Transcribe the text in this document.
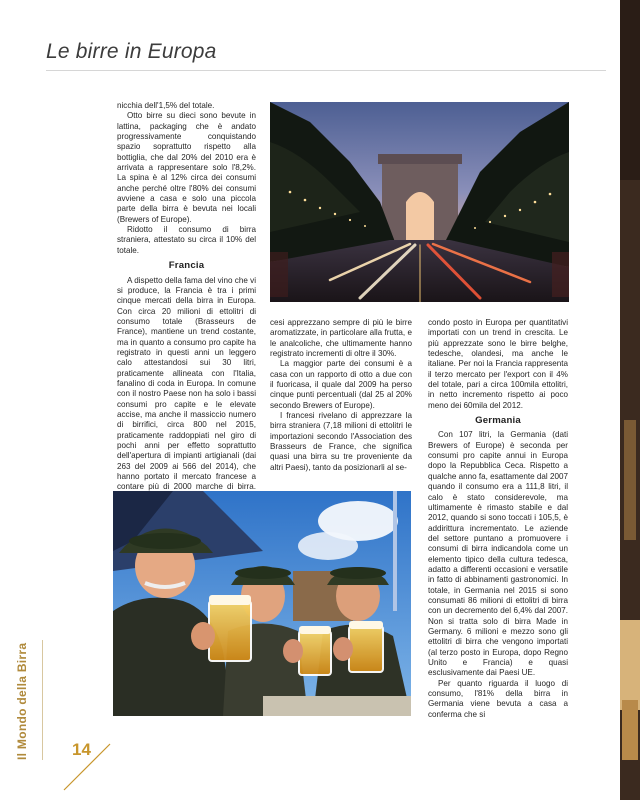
Le birre in Europa

nicchia dell'1,5% del totale.

Otto birre su dieci sono bevute in lattina, packaging che è andato progressivamente conquistando spazio soprattutto rispetto alla bottiglia, che dal 20% del 2010 era è arrivata a rappresentare solo l'8,2%. La spina è al 12% circa dei consumi anche perché oltre l'80% dei consumi avviene a casa e solo una piccola parte della birra è bevuta nei locali (Brewers of Europe).

Ridotto il consumo di birra straniera, attestato su circa il 10% del totale.

Francia

A dispetto della fama del vino che vi si produce, la Francia è tra i primi cinque mercati della birra in Europa. Con circa 20 milioni di ettolitri di consumo totale (Brasseurs de France), mantiene un trend costante, ma in quanto a consumo pro capite ha registrato in questi anni un leggero calo attestandosi sui 30 litri, praticamente allineata con l'Italia, fanalino di coda in Europa. In comune con il nostro Paese non ha solo i bassi consumi pro capite e le elevate accise, ma anche il massiccio numero di birrifici, circa 800 nel 2015, praticamente raddoppiati nel giro di pochi anni per effetto soprattutto dell'apertura di impianti artigianali (dai 263 del 2009 ai 566 del 2014), che hanno portato il mercato francese a contare più di 2000 marche di birra.

cesi apprezzano sempre di più le birre aromatizzate, in particolare alla frutta, e le analcoliche, che ultimamente hanno registrato incrementi di oltre il 30%.

La maggior parte dei consumi è a casa con un rapporto di otto a due con il fuoricasa, il quale dal 2009 ha perso cinque punti percentuali (dal 25 al 20% secondo Brewers of Europe).

I francesi rivelano di apprezzare la birra straniera (7,18 milioni di ettolitri le importazioni secondo l'Association des Brasseurs de France, che significa quasi una birra su tre proveniente da altri Paesi), tanto da posizionarli al se-

condo posto in Europa per quantitativi importati con un trend in crescita. Le più apprezzate sono le birre belghe, tedesche, olandesi, ma anche le italiane. Per noi la Francia rappresenta il terzo mercato per l'export con il 4% del totale, pari a circa 100mila ettolitri, in netto incremento rispetto ai poco meno dei 60mila del 2012.

Germania

Con 107 litri, la Germania (dati Brewers of Europe) è seconda per consumi pro capite annui in Europa dopo la Repubblica Ceca. Rispetto a qualche anno fa, esattamente dal 2007 quando il consumo era a 111,8 litri, il calo è stato considerevole, ma ultimamente è rimasto stabile e dal 2012, quando si sono toccati i 105,5, è addirittura incrementato. Le aziende del settore puntano a promuovere i consumi di birra indicandola come un elemento tipico della cultura tedesca, adatto a differenti occasioni e versatile in fatto di abbinamenti gastronomici. In totale, in Germania nel 2015 si sono consumati 86 milioni di ettolitri di birra con un decremento del 6,4% dal 2007. Non si tratta solo di birra Made in Germany. 6 milioni e mezzo sono gli ettolitri di birra che vengono importati (al terzo posto in Europa, dopo Regno Unito e Francia) e quasi esclusivamente dai Paesi UE.

Per quanto riguarda il luogo di consumo, l'81% della birra in Germania viene bevuta a casa a conferma che si

Il Mondo della Birra	14
